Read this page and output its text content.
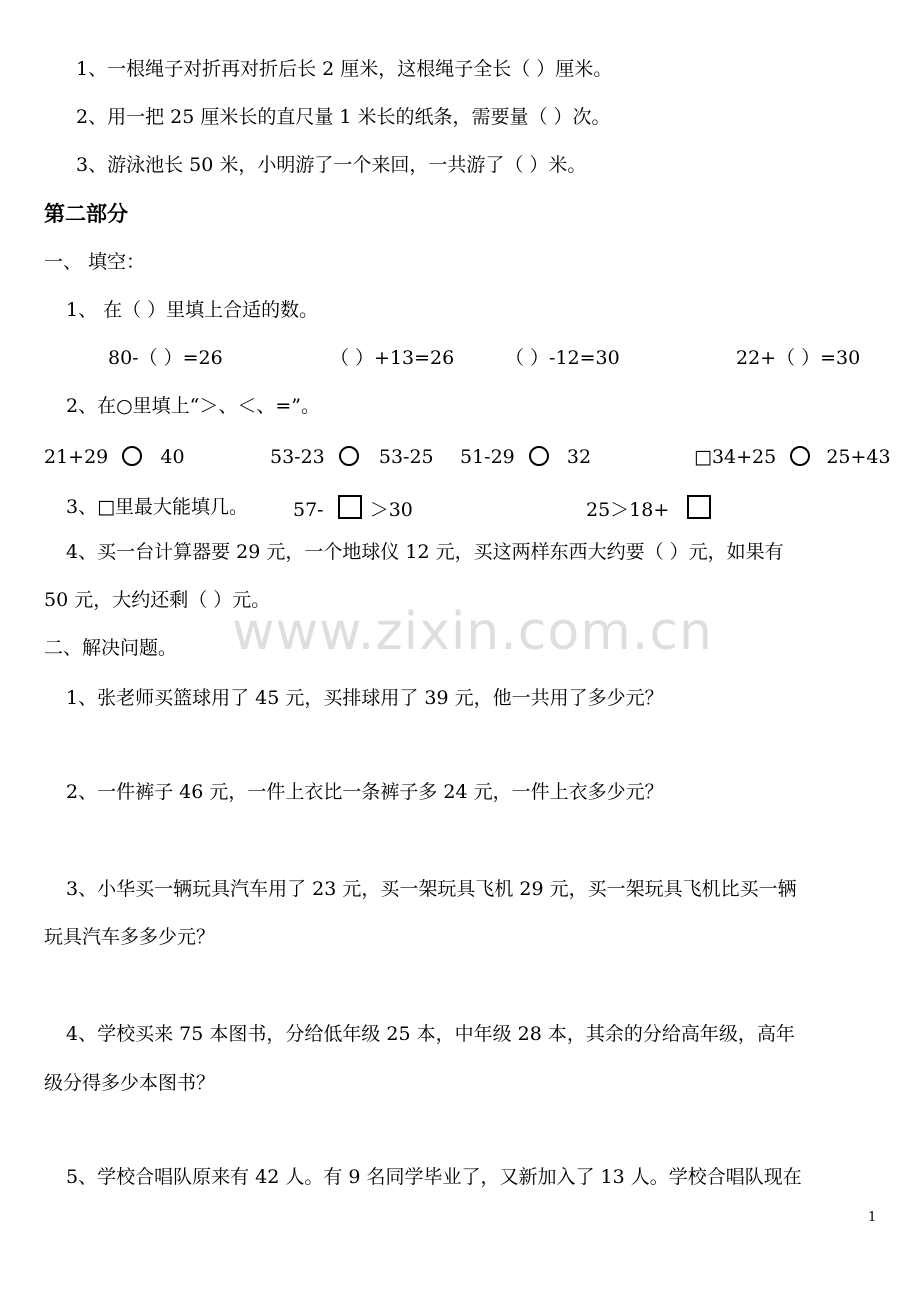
1、一根绳子对折再对折后长 2 厘米，这根绳子全长（ ）厘米。
2、用一把 25 厘米长的直尺量 1 米长的纸条，需要量（ ）次。
3、游泳池长 50 米，小明游了一个来回，一共游了（ ）米。
第二部分
一、 填空：
1、 在（ ）里填上合适的数。
80-（ ）=26	（ ）+13=26	（ ）-12=30	22+（ ）=30
2、在○里填上“＞、＜、=”。
21+29	40	53-23	53-25 51-29	32	□34+25	25+43
3、□里最大能填几。 57- ＞30	25＞18+
4、买一台计算器要 29 元，一个地球仪 12 元，买这两样东西大约要（ ）元，如果有
50 元，大约还剩（ ）元。
二、解决问题。
1、张老师买篮球用了 45 元，买排球用了 39 元，他一共用了多少元？
2、一件裤子 46 元，一件上衣比一条裤子多 24 元，一件上衣多少元？
3、小华买一辆玩具汽车用了 23 元，买一架玩具飞机 29 元，买一架玩具飞机比买一辆
玩具汽车多多少元？
4、学校买来 75 本图书，分给低年级 25 本，中年级 28 本，其余的分给高年级，高年
级分得多少本图书？
5、学校合唱队原来有 42 人。有 9 名同学毕业了，又新加入了 13 人。学校合唱队现在
www.zixin.com.cn
1
